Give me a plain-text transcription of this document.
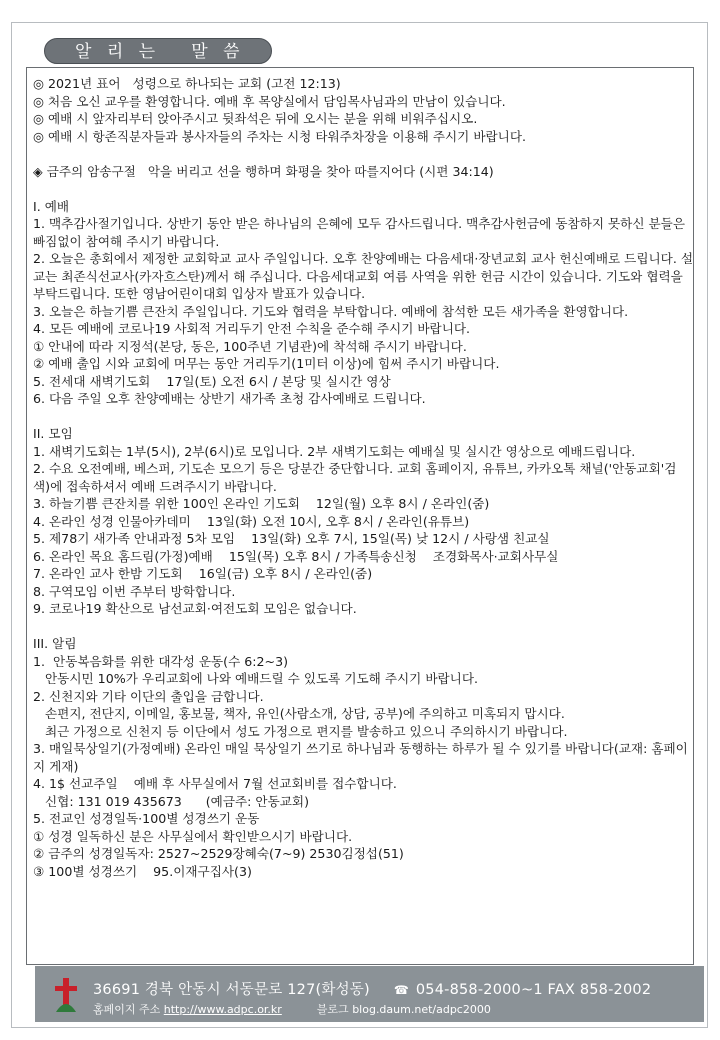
알 리 는   말 씀
◎ 2021년 표어   성령으로 하나되는 교회 (고전 12:13)
◎ 처음 오신 교우를 환영합니다. 예배 후 목양실에서 담임목사님과의 만남이 있습니다.
◎ 예배 시 앞자리부터 앉아주시고 뒷좌석은 뒤에 오시는 분을 위해 비워주십시오.
◎ 예배 시 항존직분자들과 봉사자들의 주차는 시청 타워주차장을 이용해 주시기 바랍니다.
◈ 금주의 암송구절   악을 버리고 선을 행하며 화평을 찾아 따를지어다 (시편 34:14)
I. 예배
1. 맥추감사절기입니다. 상반기 동안 받은 하나님의 은혜에 모두 감사드립니다. 맥추감사헌금에 동참하지 못하신 분들은 빠짐없이 참여해 주시기 바랍니다.
2. 오늘은 총회에서 제정한 교회학교 교사 주일입니다. 오후 찬양예배는 다음세대·장년교회 교사 헌신예배로 드립니다. 설교는 최존식선교사(카자흐스탄)께서 해 주십니다. 다음세대교회 여름 사역을 위한 헌금 시간이 있습니다. 기도와 협력을 부탁드립니다. 또한 영남어린이대회 입상자 발표가 있습니다.
3. 오늘은 하늘기쁨 큰잔치 주일입니다. 기도와 협력을 부탁합니다. 예배에 참석한 모든 새가족을 환영합니다.
4. 모든 예배에 코로나19 사회적 거리두기 안전 수칙을 준수해 주시기 바랍니다.
① 안내에 따라 지정석(본당, 동은, 100주년 기념관)에 착석해 주시기 바랍니다.
② 예배 출입 시와 교회에 머무는 동안 거리두기(1미터 이상)에 힘써 주시기 바랍니다.
5. 전세대 새벽기도회    17일(토) 오전 6시 / 본당 및 실시간 영상
6. 다음 주일 오후 찬양예배는 상반기 새가족 초청 감사예배로 드립니다.
II. 모임
1. 새벽기도회는 1부(5시), 2부(6시)로 모입니다. 2부 새벽기도회는 예배실 및 실시간 영상으로 예배드립니다.
2. 수요 오전예배, 베스퍼, 기도손 모으기 등은 당분간 중단합니다. 교회 홈페이지, 유튜브, 카카오톡 채널('안동교회'검색)에 접속하셔서 예배 드려주시기 바랍니다.
3. 하늘기쁨 큰잔치를 위한 100인 온라인 기도회    12일(월) 오후 8시 / 온라인(줌)
4. 온라인 성경 인물아카데미    13일(화) 오전 10시, 오후 8시 / 온라인(유튜브)
5. 제78기 새가족 안내과정 5차 모임    13일(화) 오후 7시, 15일(목) 낮 12시 / 사랑샘 친교실
6. 온라인 목요 홈드림(가정)예배    15일(목) 오후 8시 / 가족특송신청    조경화목사·교회사무실
7. 온라인 교사 한밤 기도회    16일(금) 오후 8시 / 온라인(줌)
8. 구역모임 이번 주부터 방학합니다.
9. 코로나19 확산으로 남선교회·여전도회 모임은 없습니다.
III. 알림
1.  안동복음화를 위한 대각성 운동(수 6:2~3)
안동시민 10%가 우리교회에 나와 예배드릴 수 있도록 기도해 주시기 바랍니다.
2. 신천지와 기타 이단의 출입을 금합니다.
손편지, 전단지, 이메일, 홍보물, 책자, 유인(사람소개, 상담, 공부)에 주의하고 미혹되지 맙시다.
최근 가정으로 신천지 등 이단에서 성도 가정으로 편지를 발송하고 있으니 주의하시기 바랍니다.
3. 매일묵상일기(가정예배) 온라인 매일 묵상일기 쓰기로 하나님과 동행하는 하루가 될 수 있기를 바랍니다(교재: 홈페이지 게재)
4. 1$ 선교주일    예배 후 사무실에서 7월 선교회비를 접수합니다.
신협: 131 019 435673      (예금주: 안동교회)
5. 전교인 성경일독·100별 성경쓰기 운동
① 성경 일독하신 분은 사무실에서 확인받으시기 바랍니다.
② 금주의 성경일독자: 2527~2529장혜숙(7~9) 2530김정섭(51)
③ 100별 성경쓰기    95.이재구집사(3)
36691 경북 안동시 서동문로 127(화성동) ☎ 054-858-2000~1 FAX 858-2002
홈페이지 주소 http://www.adpc.or.kr	블로그 blog.daum.net/adpc2000
